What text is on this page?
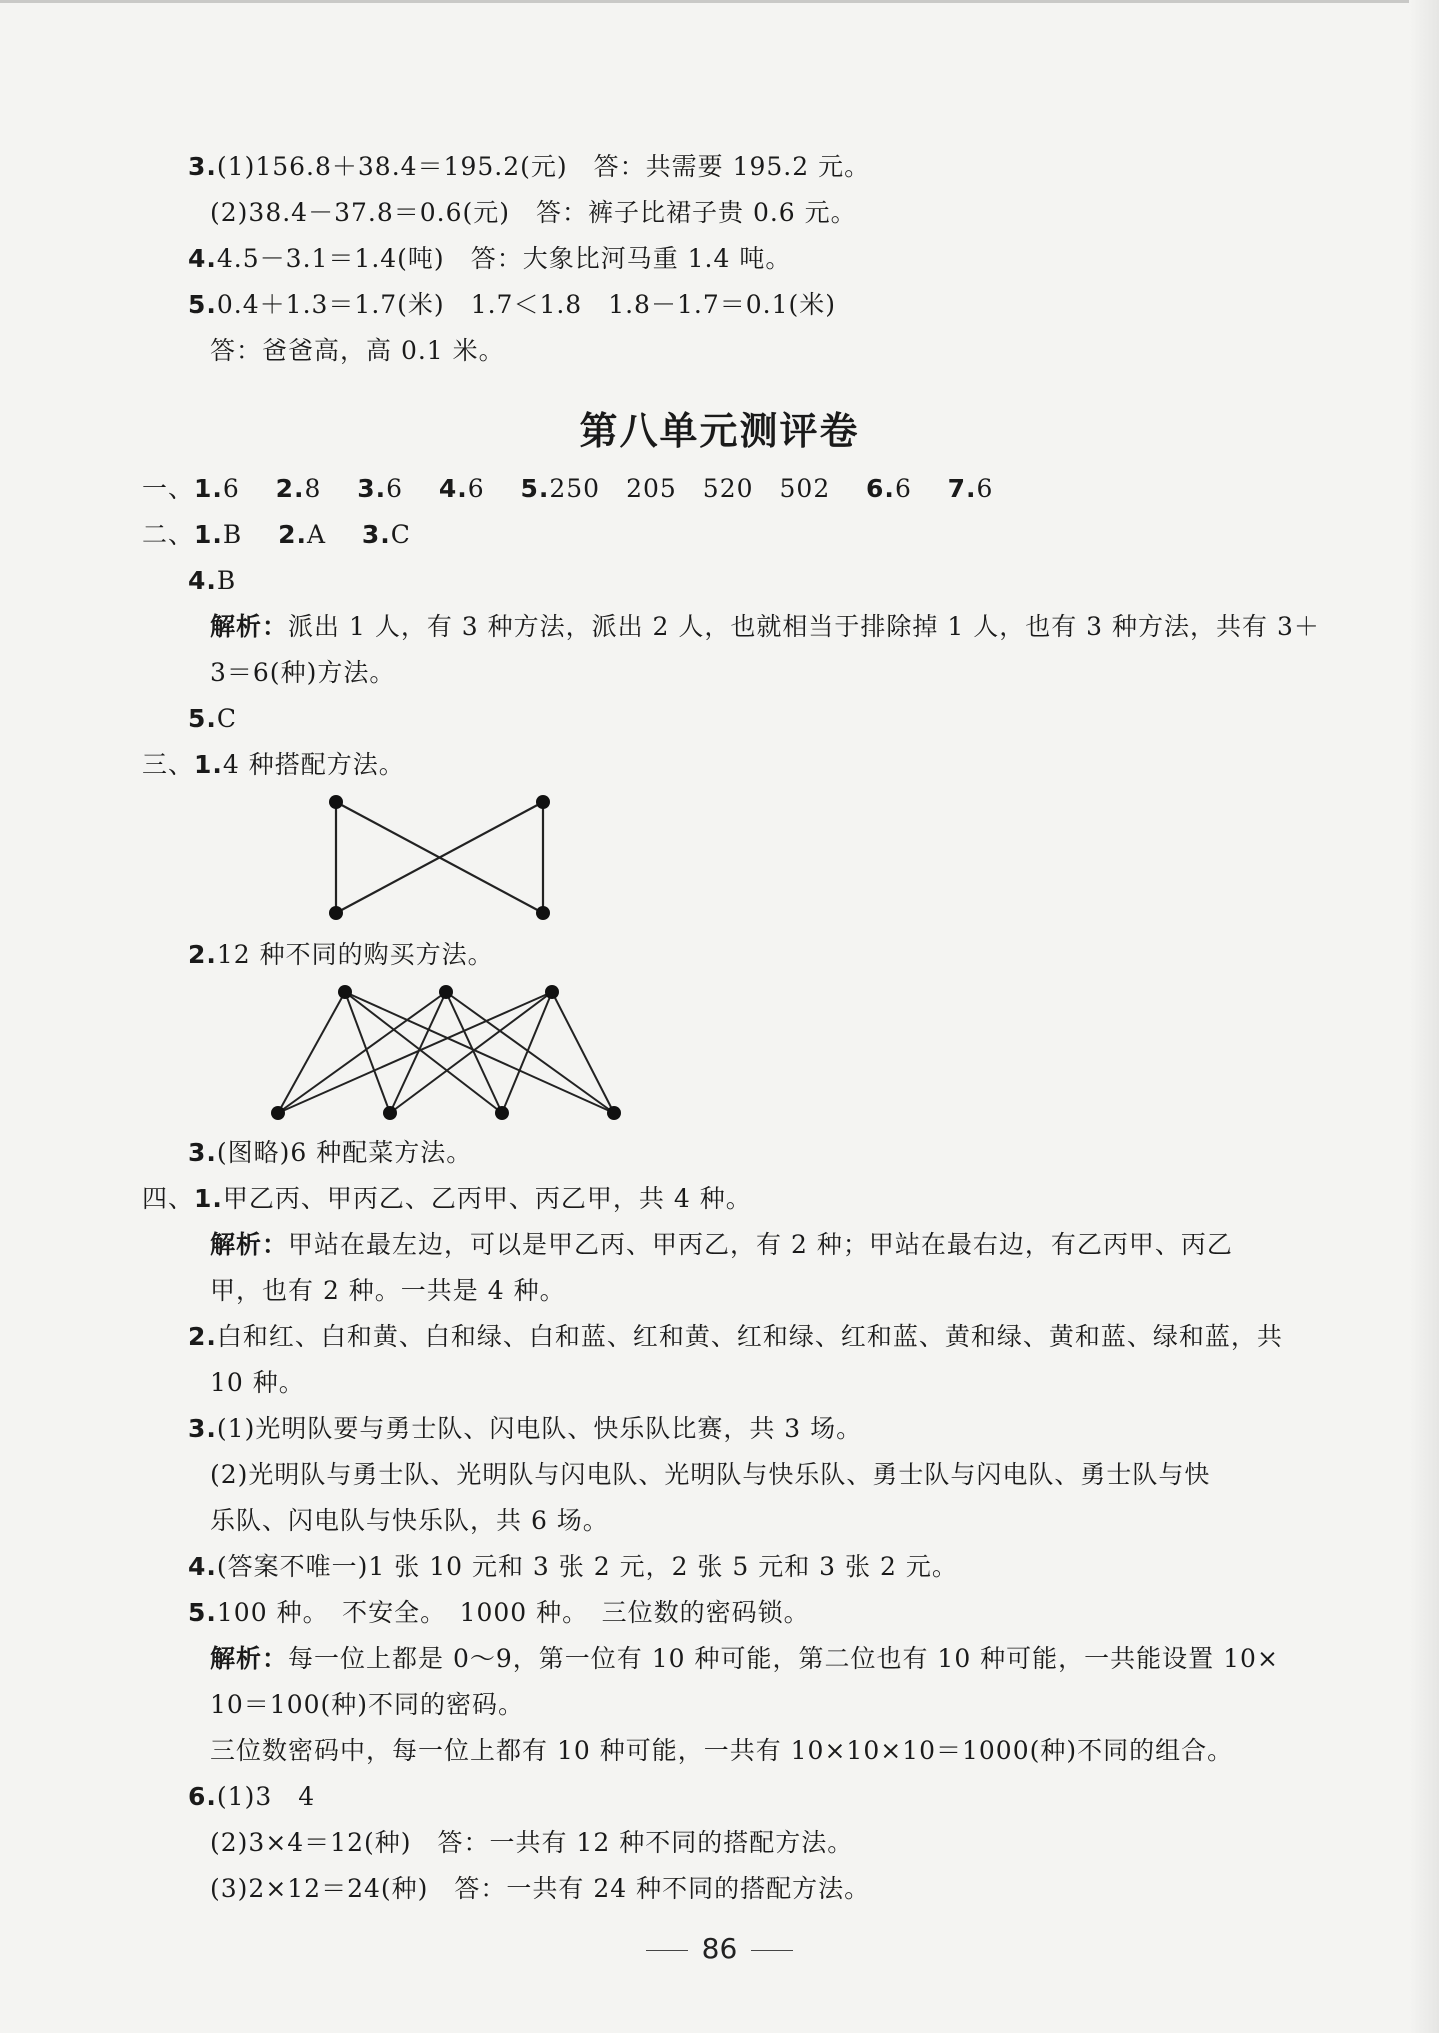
3.(1)156.8＋38.4＝195.2(元)　答：共需要 195.2 元。
(2)38.4－37.8＝0.6(元)　答：裤子比裙子贵 0.6 元。
4.4.5－3.1＝1.4(吨)　答：大象比河马重 1.4 吨。
5.0.4＋1.3＝1.7(米)　1.7＜1.8　1.8－1.7＝0.1(米)
答：爸爸高，高 0.1 米。
第八单元测评卷
一、1.6 2.8 3.6 4.6 5.250　205　520　502 6.6 7.6
二、1.B 2.A 3.C
4.B
解析：派出 1 人，有 3 种方法，派出 2 人，也就相当于排除掉 1 人，也有 3 种方法，共有 3＋
3＝6(种)方法。
5.C
三、1.4 种搭配方法。
2.12 种不同的购买方法。
3.(图略)6 种配菜方法。
四、1.甲乙丙、甲丙乙、乙丙甲、丙乙甲，共 4 种。
解析：甲站在最左边，可以是甲乙丙、甲丙乙，有 2 种；甲站在最右边，有乙丙甲、丙乙
甲，也有 2 种。一共是 4 种。
2.白和红、白和黄、白和绿、白和蓝、红和黄、红和绿、红和蓝、黄和绿、黄和蓝、绿和蓝，共
10 种。
3.(1)光明队要与勇士队、闪电队、快乐队比赛，共 3 场。
(2)光明队与勇士队、光明队与闪电队、光明队与快乐队、勇士队与闪电队、勇士队与快
乐队、闪电队与快乐队，共 6 场。
4.(答案不唯一)1 张 10 元和 3 张 2 元，2 张 5 元和 3 张 2 元。
5.100 种。　不安全。　1000 种。　三位数的密码锁。
解析：每一位上都是 0～9，第一位有 10 种可能，第二位也有 10 种可能，一共能设置 10×
10＝100(种)不同的密码。
三位数密码中，每一位上都有 10 种可能，一共有 10×10×10＝1000(种)不同的组合。
6.(1)3　4
(2)3×4＝12(种)　答：一共有 12 种不同的搭配方法。
(3)2×12＝24(种)　答：一共有 24 种不同的搭配方法。
86
